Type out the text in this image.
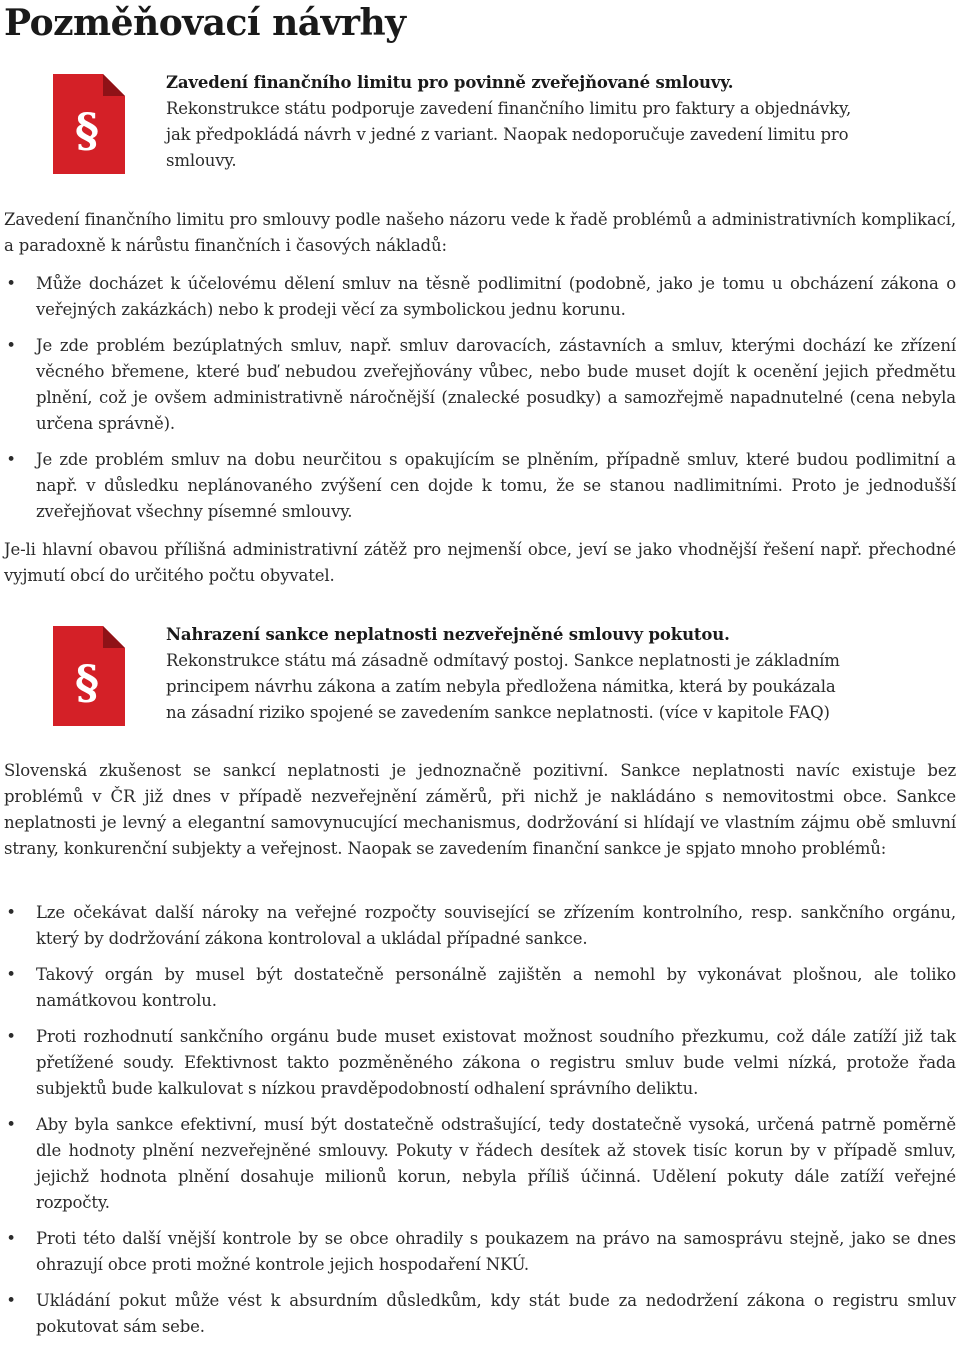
Pozměňovací návrhy
§
Zavedení finančního limitu pro povinně zveřejňované smlouvy.
Rekonstrukce státu podporuje zavedení finančního limitu pro faktury a objednávky,
jak předpokládá návrh v jedné z variant. Naopak nedoporučuje zavedení limitu pro
smlouvy.

Zavedení finančního limitu pro smlouvy podle našeho názoru vede k řadě problémů a administrativních komplikací, a paradoxně k nárůstu finančních i časových nákladů:

• Může docházet k účelovému dělení smluv na těsně podlimitní (podobně, jako je tomu u obcházení zákona o veřejných zakázkách) nebo k prodeji věcí za symbolickou jednu korunu.
• Je zde problém bezúplatných smluv, např. smluv darovacích, zástavních a smluv, kterými dochází ke zřízení věcného břemene, které buď nebudou zveřejňovány vůbec, nebo bude muset dojít k ocenění jejich předmětu plnění, což je ovšem administrativně náročnější (znalecké posudky) a samozřejmě napadnutelné (cena nebyla určena správně).
• Je zde problém smluv na dobu neurčitou s opakujícím se plněním, případně smluv, které budou podlimitní a např. v důsledku neplánovaného zvýšení cen dojde k tomu, že se stanou nadlimitními. Proto je jednodušší zveřejňovat všechny písemné smlouvy.

Je-li hlavní obavou přílišná administrativní zátěž pro nejmenší obce, jeví se jako vhodnější řešení např. přechodné vyjmutí obcí do určitého počtu obyvatel.

§
Nahrazení sankce neplatnosti nezveřejněné smlouvy pokutou.
Rekonstrukce státu má zásadně odmítavý postoj. Sankce neplatnosti je základním
principem návrhu zákona a zatím nebyla předložena námitka, která by poukázala
na zásadní riziko spojené se zavedením sankce neplatnosti. (více v kapitole FAQ)

Slovenská zkušenost se sankcí neplatnosti je jednoznačně pozitivní. Sankce neplatnosti navíc existuje bez problémů v ČR již dnes v případě nezveřejnění záměrů, při nichž je nakládáno s nemovitostmi obce. Sankce neplatnosti je levný a elegantní samovynucující mechanismus, dodržování si hlídají ve vlastním zájmu obě smluvní strany, konkurenční subjekty a veřejnost. Naopak se zavedením finanční sankce je spjato mnoho problémů:

• Lze očekávat další nároky na veřejné rozpočty související se zřízením kontrolního, resp. sankčního orgánu, který by dodržování zákona kontroloval a ukládal případné sankce.
• Takový orgán by musel být dostatečně personálně zajištěn a nemohl by vykonávat plošnou, ale toliko namátkovou kontrolu.
• Proti rozhodnutí sankčního orgánu bude muset existovat možnost soudního přezkumu, což dále zatíží již tak přetížené soudy. Efektivnost takto pozměněného zákona o registru smluv bude velmi nízká, protože řada subjektů bude kalkulovat s nízkou pravděpodobností odhalení správního deliktu.
• Aby byla sankce efektivní, musí být dostatečně odstrašující, tedy dostatečně vysoká, určená patrně poměrně dle hodnoty plnění nezveřejněné smlouvy. Pokuty v řádech desítek až stovek tisíc korun by v případě smluv, jejichž hodnota plnění dosahuje milionů korun, nebyla příliš účinná. Udělení pokuty dále zatíží veřejné rozpočty.
• Proti této další vnější kontrole by se obce ohradily s poukazem na právo na samosprávu stejně, jako se dnes ohrazují obce proti možné kontrole jejich hospodaření NKÚ.
• Ukládání pokut může vést k absurdním důsledkům, kdy stát bude za nedodržení zákona o registru smluv pokutovat sám sebe.
